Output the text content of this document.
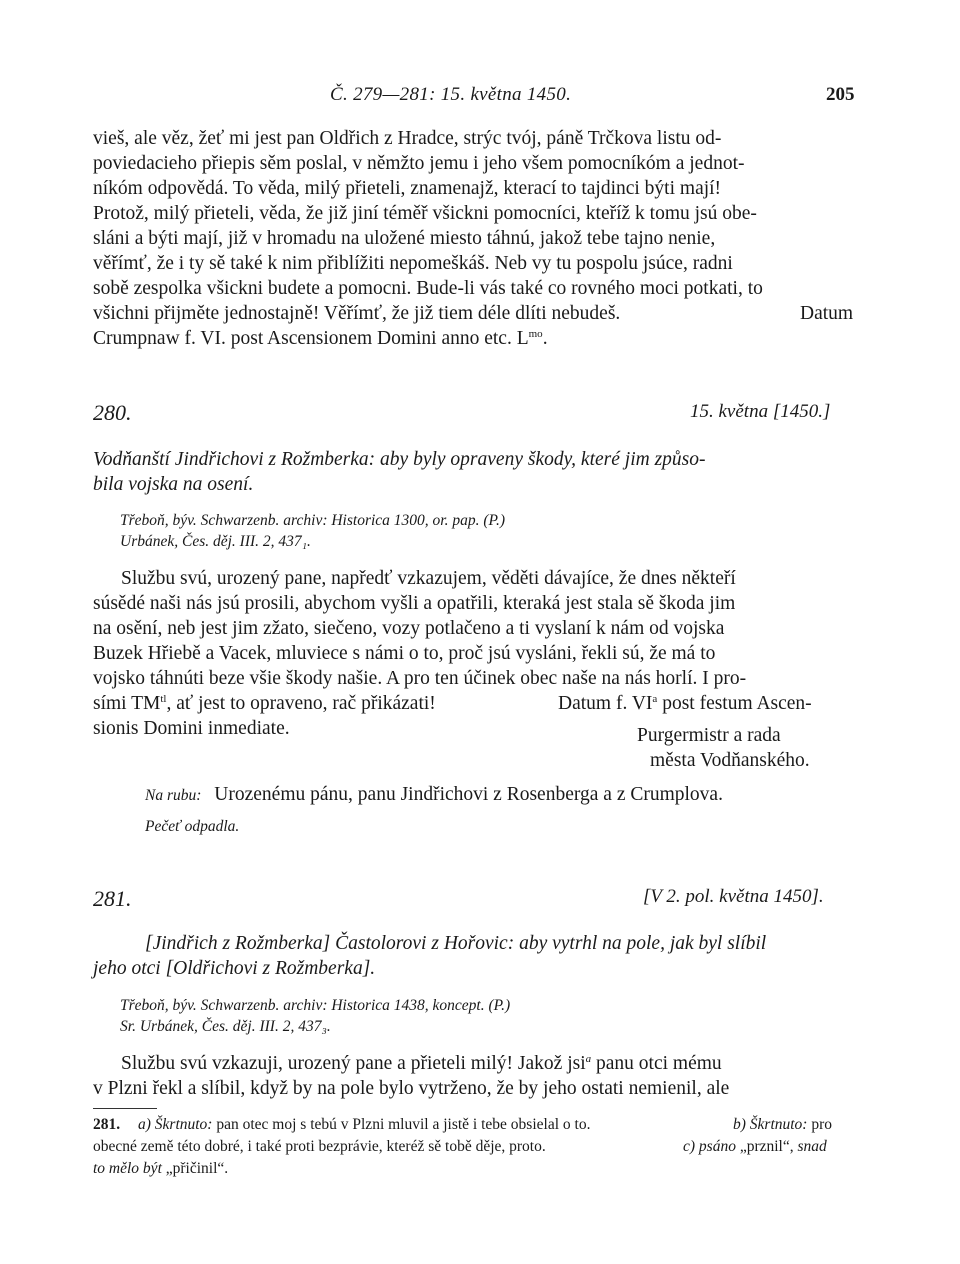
Č. 279—281: 15. května 1450.	205
vieš, ale věz, žeť mi jest pan Oldřich z Hradce, strýc tvój, páně Trčkova listu od-
poviedacieho přiepis sěm poslal, v němžto jemu i jeho všem pomocníkóm a jednot-
níkóm odpovědá. To věda, milý přieteli, znamenajž, kterací to tajdinci býti mají!
Protož, milý přieteli, věda, že již jiní téměř všickni pomocníci, kteříž k tomu jsú obe-
sláni a býti mají, již v hromadu na uložené miesto táhnú, jakož tebe tajno nenie,
věřímť, že i ty sě také k nim přiblížiti nepomeškáš. Neb vy tu pospolu jsúce, radni
sobě zespolka všickni budete a pomocni. Bude-li vás také co rovného moci potkati, to
všichni přijměte jednostajně! Věřímť, že již tiem déle dlíti nebudeš.	Datum
Crumpnaw f. VI. post Ascensionem Domini anno etc. $L^{mo}$.
280.	15. května [1450.]
Vodňanští Jindřichovi z Rožmberka: aby byly opraveny škody, které jim způso-
bila vojska na osení.
Třeboň, býv. Schwarzenb. archiv: Historica 1300, or. pap. (P.)
Urbánek, Čes. děj. III. 2, 437₁.
Službu svú, urozený pane, napředť vzkazujem, věděti dávajíce, že dnes někteří
súsědé naši nás jsú prosili, abychom vyšli a opatřili, kteraká jest stala sě škoda jim
na osění, neb jest jim zžato, siečeno, vozy potlačeno a ti vyslaní k nám od vojska
Buzek Hřiebě a Vacek, mluviece s námi o to, proč jsú vysláni, řekli sú, že má to
vojsko táhnúti beze všie škody našie. A pro ten účinek obec naše na nás horlí. I pro-
sími $TM^{tl}$, ať jest to opraveno, rač přikázati!	Datum f. $VI^a$ post festum Ascen-
sionis Domini inmediate.	Purgermistr a rada
města Vodňanského.
Na rubu: Urozenému pánu, panu Jindřichovi z Rosenberga a z Crumplova.
Pečeť odpadla.
281.	[V 2. pol. května 1450].
[Jindřich z Rožmberka] Častolorovi z Hořovic: aby vytrhl na pole, jak byl slíbil
jeho otci [Oldřichovi z Rožmberka].
Třeboň, býv. Schwarzenb. archiv: Historica 1438, koncept. (P.)
Sr. Urbánek, Čes. děj. III. 2, 437₃.
Službu svú vzkazuji, urozený pane a přieteli milý! Jakož jsi$^a$ panu otci mému
v Plzni řekl a slíbil, když by na pole bylo vytrženo, že by jeho ostati nemienil, ale
281. a) Škrtnuto: pan otec moj s tebú v Plzni mluvil a jistě i tebe obsielal o to.	b) Škrtnuto: pro
obecné země této dobré, i také proti bezprávie, kteréž sě tobě děje, proto.	c) psáno „prznil“, snad
to mělo být „přičinil“.
